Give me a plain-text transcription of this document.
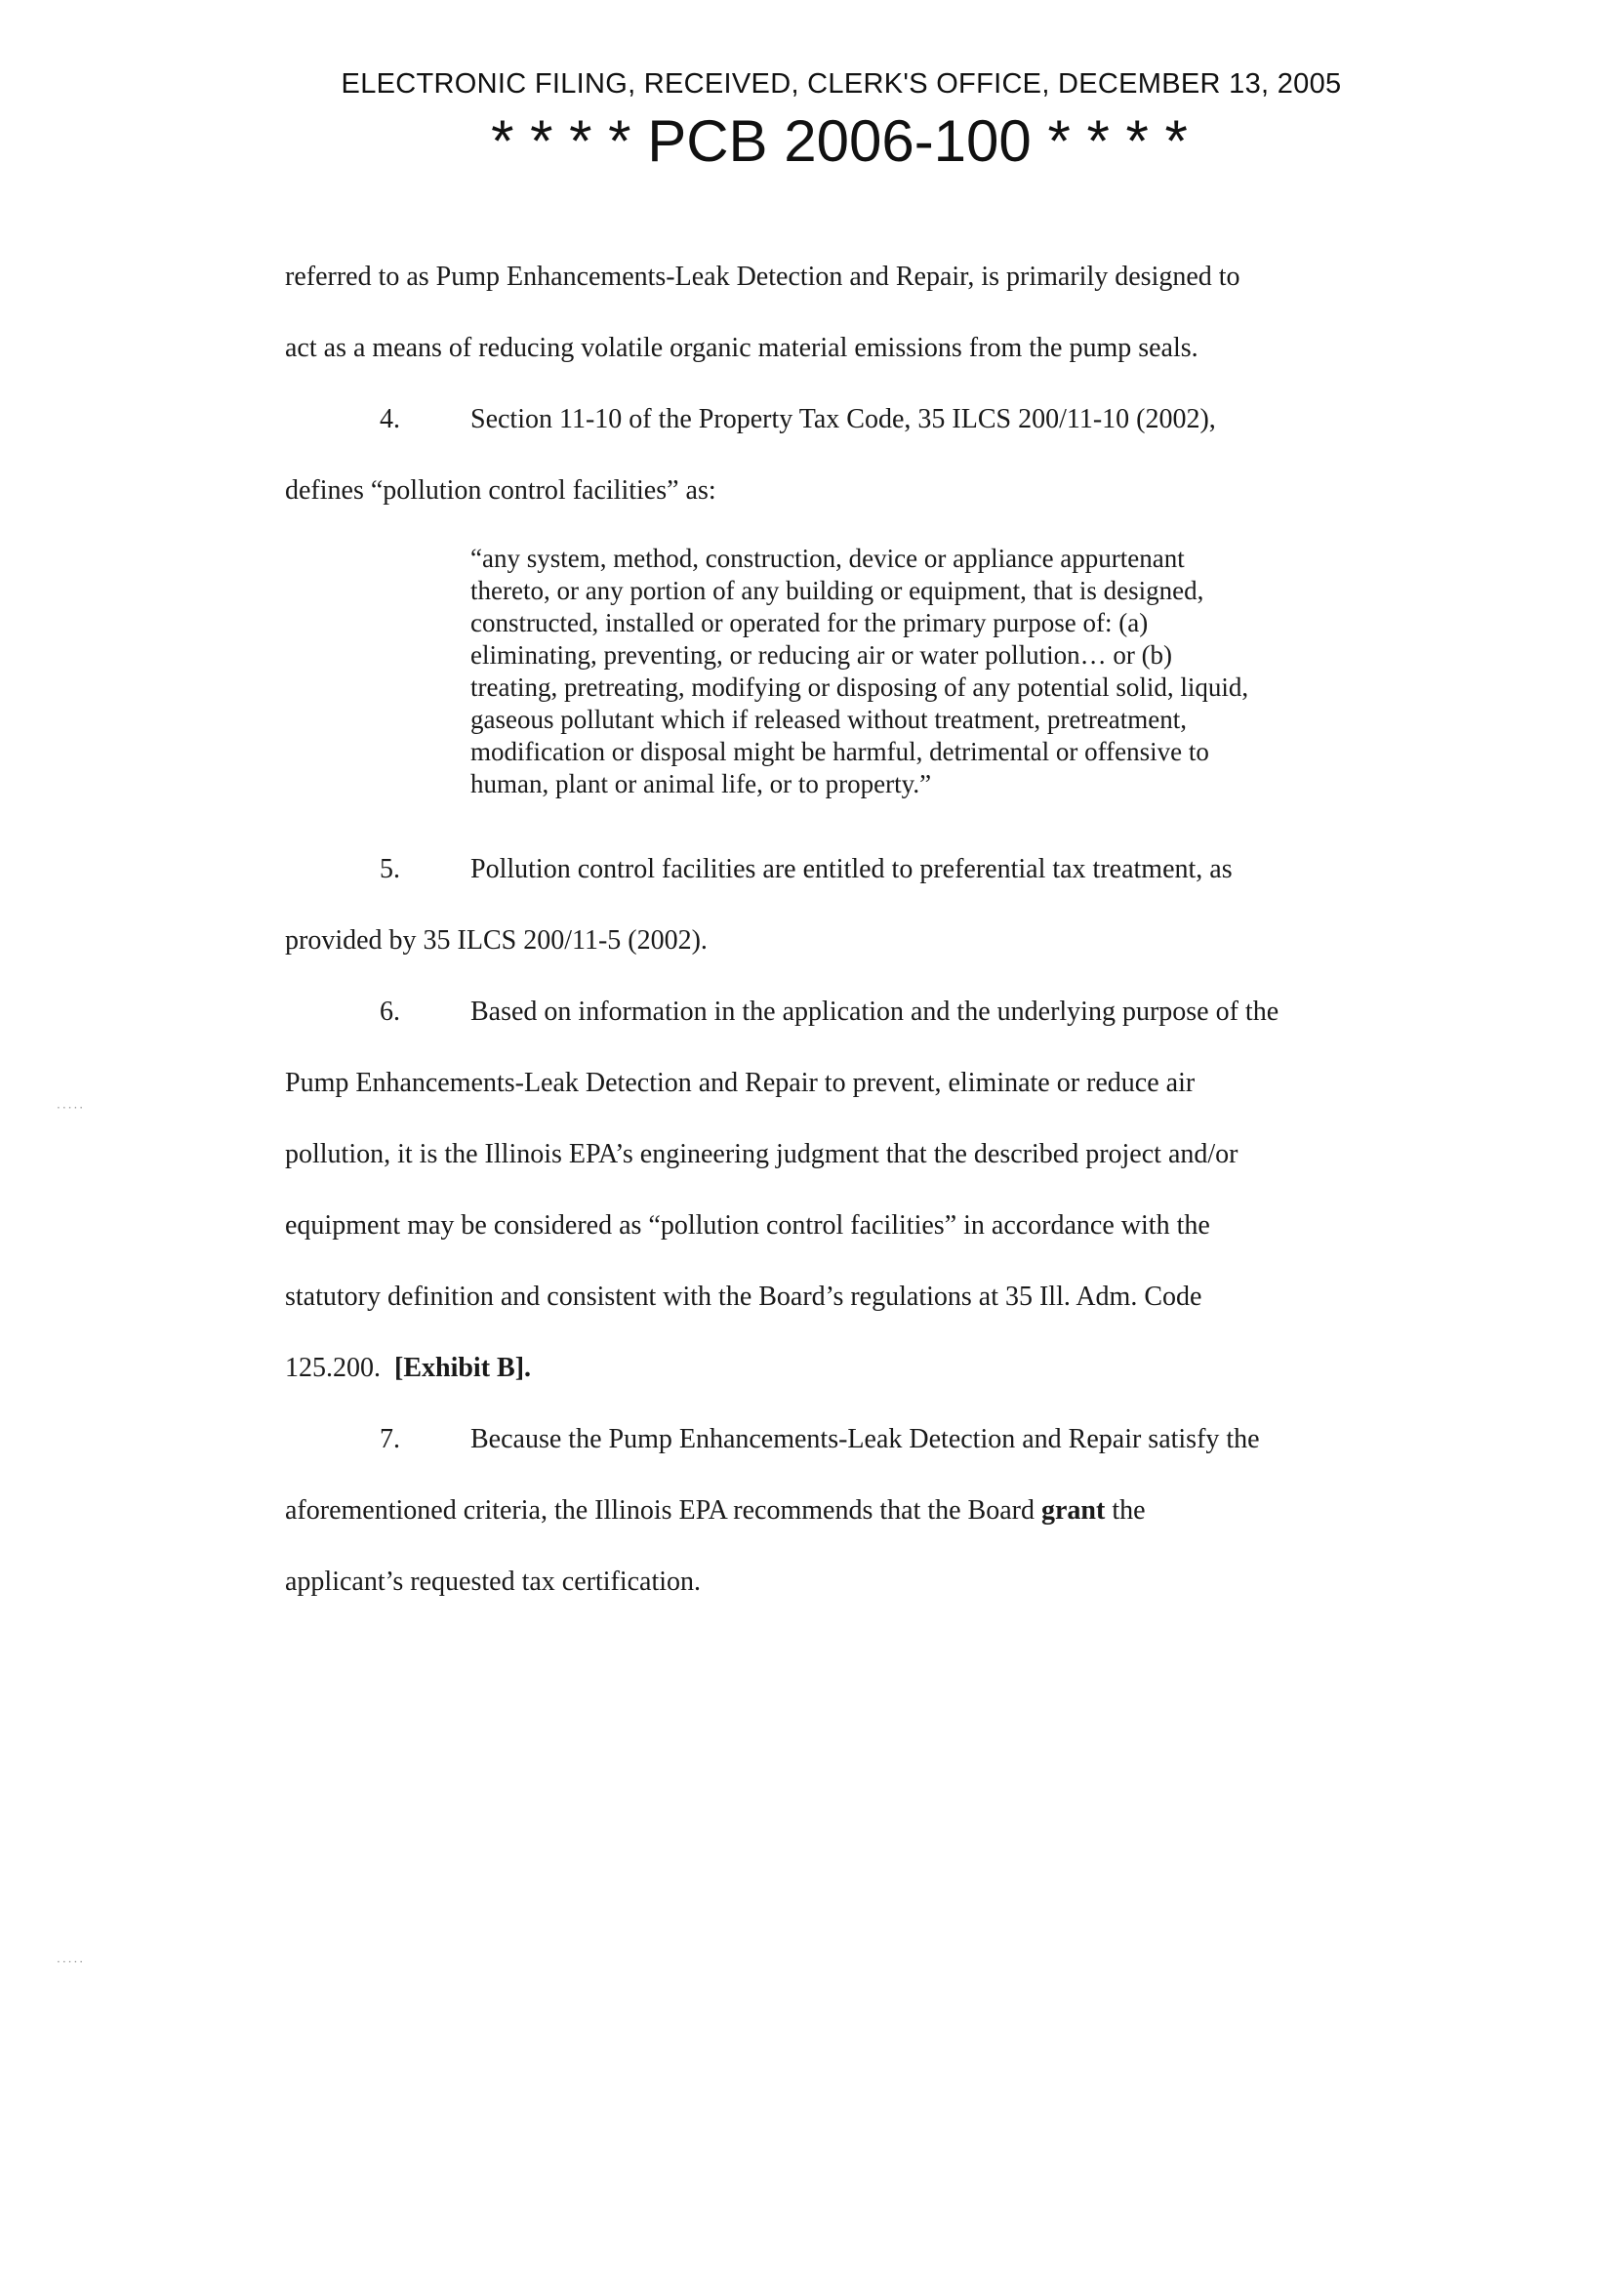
ELECTRONIC FILING, RECEIVED, CLERK'S OFFICE, DECEMBER 13, 2005
* * * * PCB 2006-100 * * * *
·····
·····
referred to as Pump Enhancements-Leak Detection and Repair, is primarily designed to
act as a means of reducing volatile organic material emissions from the pump seals.
4.	Section 11-10 of the Property Tax Code, 35 ILCS 200/11-10 (2002),
defines “pollution control facilities” as:
“any system, method, construction, device or appliance appurtenant
thereto, or any portion of any building or equipment, that is designed,
constructed, installed or operated for the primary purpose of: (a)
eliminating, preventing, or reducing air or water pollution… or (b)
treating, pretreating, modifying or disposing of any potential solid, liquid,
gaseous pollutant which if released without treatment, pretreatment,
modification or disposal might be harmful, detrimental or offensive to
human, plant or animal life, or to property.”
5.	Pollution control facilities are entitled to preferential tax treatment, as
provided by 35 ILCS 200/11-5 (2002).
6.	Based on information in the application and the underlying purpose of the
Pump Enhancements-Leak Detection and Repair to prevent, eliminate or reduce air
pollution, it is the Illinois EPA’s engineering judgment that the described project and/or
equipment may be considered as “pollution control facilities” in accordance with the
statutory definition and consistent with the Board’s regulations at 35 Ill. Adm. Code
125.200. [Exhibit B].
7.	Because the Pump Enhancements-Leak Detection and Repair satisfy the
aforementioned criteria, the Illinois EPA recommends that the Board grant the
applicant’s requested tax certification.
